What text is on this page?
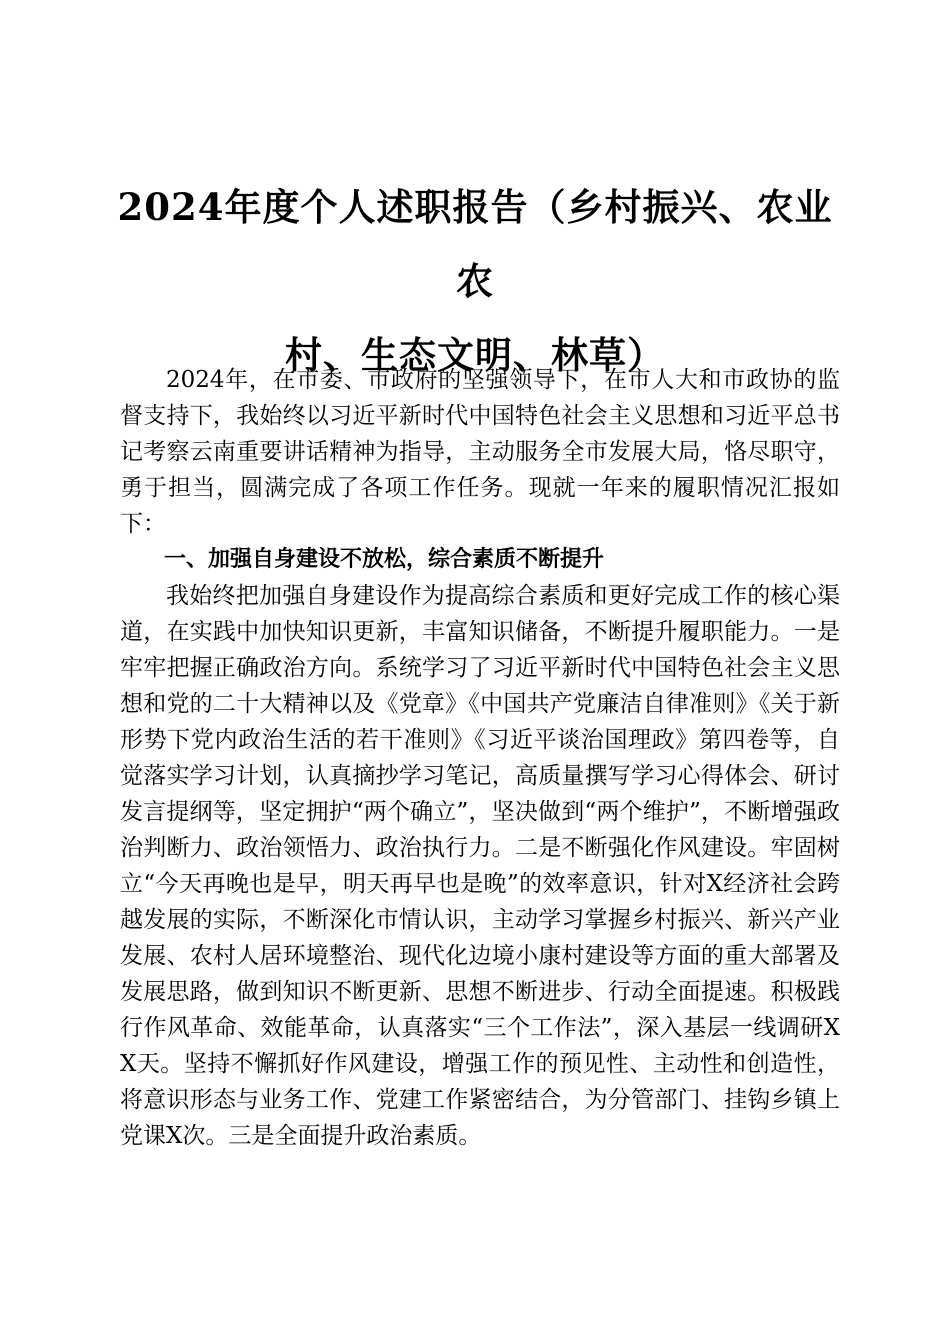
2024年度个人述职报告（乡村振兴、农业农
村、生态文明、林草）

2024年，在市委、市政府的坚强领导下，在市人大和市政协的监督支持下，我始终以习近平新时代中国特色社会主义思想和习近平总书记考察云南重要讲话精神为指导，主动服务全市发展大局，恪尽职守，勇于担当，圆满完成了各项工作任务。现就一年来的履职情况汇报如下：

一、加强自身建设不放松，综合素质不断提升

我始终把加强自身建设作为提高综合素质和更好完成工作的核心渠道，在实践中加快知识更新，丰富知识储备，不断提升履职能力。一是牢牢把握正确政治方向。系统学习了习近平新时代中国特色社会主义思想和党的二十大精神以及《党章》《中国共产党廉洁自律准则》《关于新形势下党内政治生活的若干准则》《习近平谈治国理政》第四卷等，自觉落实学习计划，认真摘抄学习笔记，高质量撰写学习心得体会、研讨发言提纲等，坚定拥护“两个确立”，坚决做到“两个维护”，不断增强政治判断力、政治领悟力、政治执行力。二是不断强化作风建设。牢固树立“今天再晚也是早，明天再早也是晚”的效率意识，针对X经济社会跨越发展的实际，不断深化市情认识，主动学习掌握乡村振兴、新兴产业发展、农村人居环境整治、现代化边境小康村建设等方面的重大部署及发展思路，做到知识不断更新、思想不断进步、行动全面提速。积极践行作风革命、效能革命，认真落实“三个工作法”，深入基层一线调研XX天。坚持不懈抓好作风建设，增强工作的预见性、主动性和创造性，将意识形态与业务工作、党建工作紧密结合，为分管部门、挂钩乡镇上党课X次。三是全面提升政治素质。
